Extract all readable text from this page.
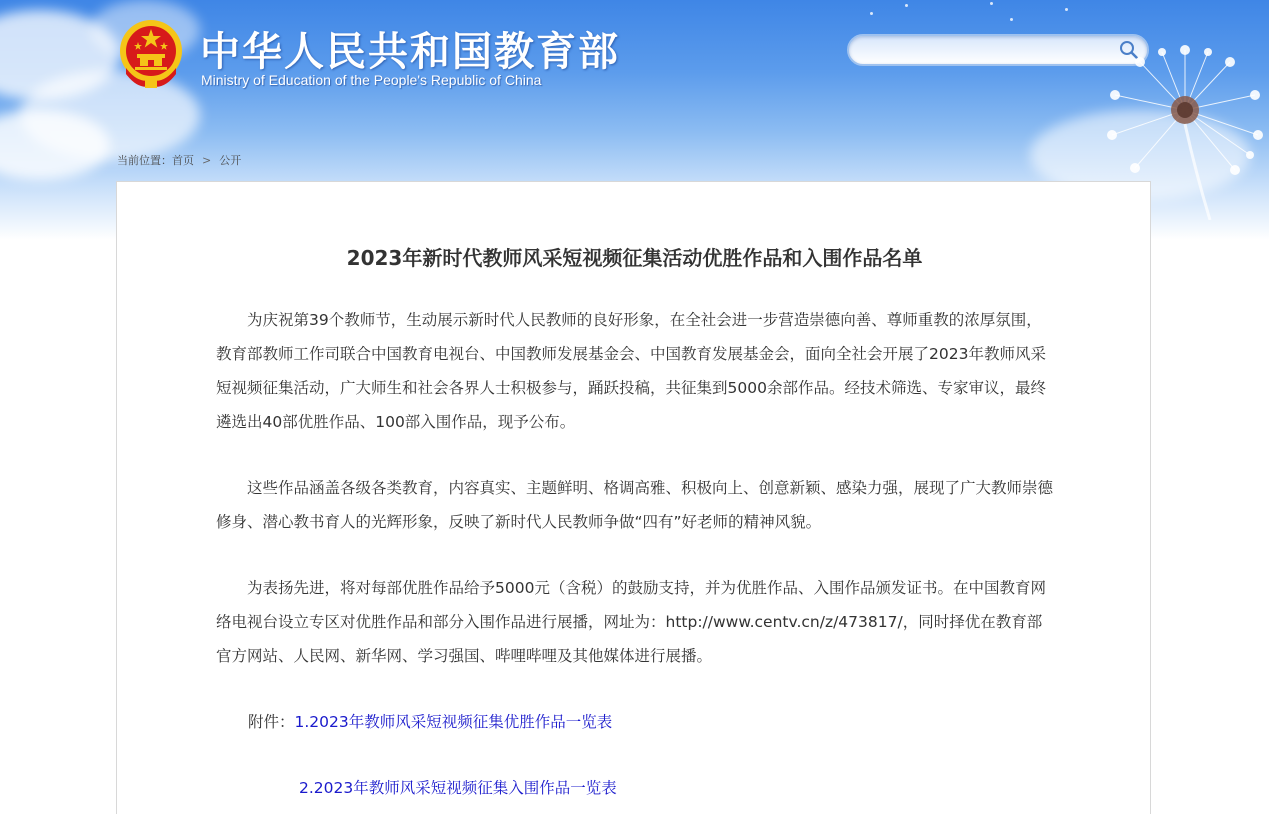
中华人民共和国教育部
Ministry of Education of the People's Republic of China
当前位置：首页 > 公开
2023年新时代教师风采短视频征集活动优胜作品和入围作品名单

为庆祝第39个教师节，生动展示新时代人民教师的良好形象，在全社会进一步营造崇德向善、尊师重教的浓厚氛围，教育部教师工作司联合中国教育电视台、中国教师发展基金会、中国教育发展基金会，面向全社会开展了2023年教师风采短视频征集活动，广大师生和社会各界人士积极参与，踊跃投稿，共征集到5000余部作品。经技术筛选、专家审议，最终遴选出40部优胜作品、100部入围作品，现予公布。

这些作品涵盖各级各类教育，内容真实、主题鲜明、格调高雅、积极向上、创意新颖、感染力强，展现了广大教师崇德修身、潜心教书育人的光辉形象，反映了新时代人民教师争做“四有”好老师的精神风貌。

为表扬先进，将对每部优胜作品给予5000元（含税）的鼓励支持，并为优胜作品、入围作品颁发证书。在中国教育网络电视台设立专区对优胜作品和部分入围作品进行展播，网址为：http://www.centv.cn/z/473817/，同时择优在教育部官方网站、人民网、新华网、学习强国、哔哩哔哩及其他媒体进行展播。

附件：1.2023年教师风采短视频征集优胜作品一览表
2.2023年教师风采短视频征集入围作品一览表
